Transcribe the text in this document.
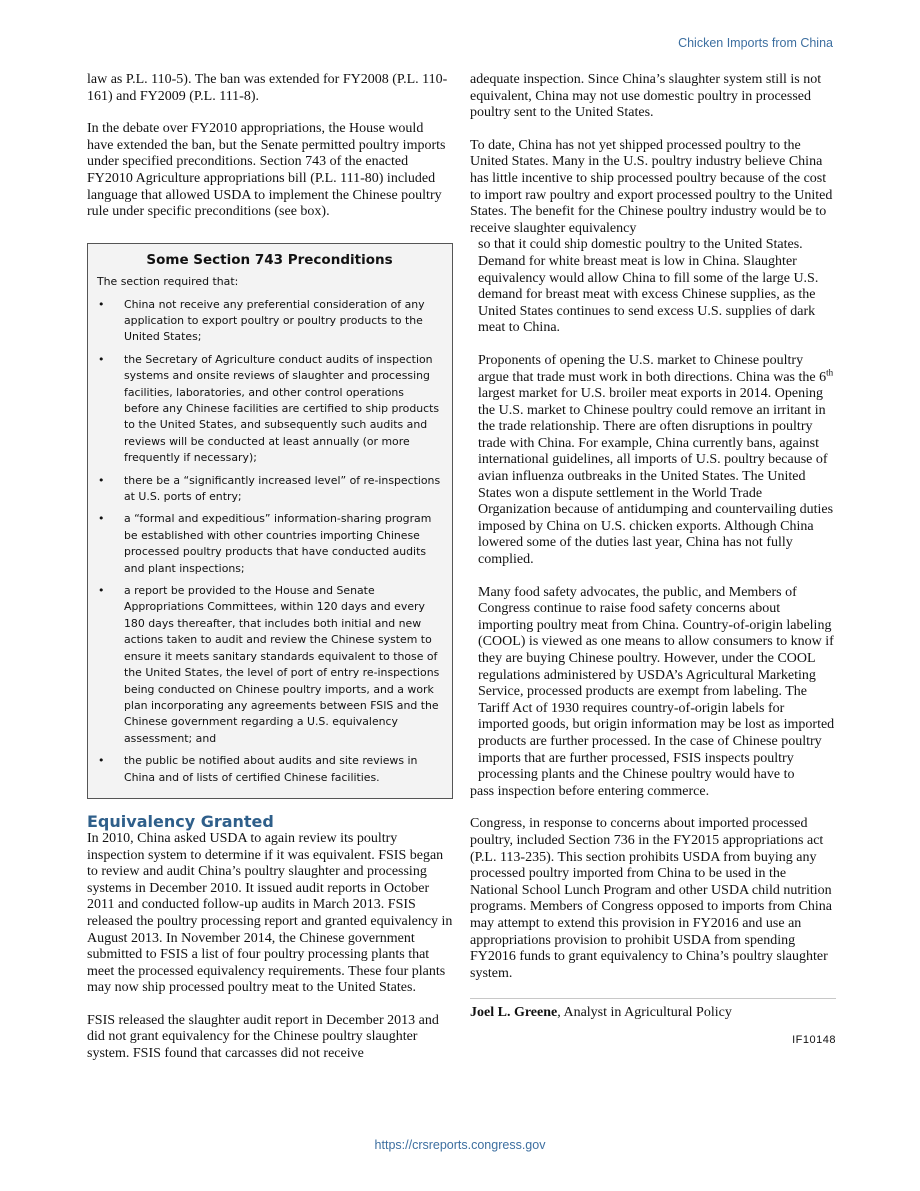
Chicken Imports from China

law as P.L. 110-5). The ban was extended for FY2008 (P.L. 110-161) and FY2009 (P.L. 111-8).

In the debate over FY2010 appropriations, the House would have extended the ban, but the Senate permitted poultry imports under specified preconditions. Section 743 of the enacted FY2010 Agriculture appropriations bill (P.L. 111-80) included language that allowed USDA to implement the Chinese poultry rule under specific preconditions (see box).

Some Section 743 Preconditions
The section required that:
• China not receive any preferential consideration of any application to export poultry or poultry products to the United States;
• the Secretary of Agriculture conduct audits of inspection systems and onsite reviews of slaughter and processing facilities, laboratories, and other control operations before any Chinese facilities are certified to ship products to the United States, and subsequently such audits and reviews will be conducted at least annually (or more frequently if necessary);
• there be a “significantly increased level” of re-inspections at U.S. ports of entry;
• a “formal and expeditious” information-sharing program be established with other countries importing Chinese processed poultry products that have conducted audits and plant inspections;
• a report be provided to the House and Senate Appropriations Committees, within 120 days and every 180 days thereafter, that includes both initial and new actions taken to audit and review the Chinese system to ensure it meets sanitary standards equivalent to those of the United States, the level of port of entry re-inspections being conducted on Chinese poultry imports, and a work plan incorporating any agreements between FSIS and the Chinese government regarding a U.S. equivalency assessment; and
• the public be notified about audits and site reviews in China and of lists of certified Chinese facilities.
Equivalency Granted

In 2010, China asked USDA to again review its poultry inspection system to determine if it was equivalent. FSIS began to review and audit China’s poultry slaughter and processing systems in December 2010. It issued audit reports in October 2011 and conducted follow-up audits in March 2013. FSIS released the poultry processing report and granted equivalency in August 2013. In November 2014, the Chinese government submitted to FSIS a list of four poultry processing plants that meet the processed equivalency requirements. These four plants may now ship processed poultry meat to the United States.

FSIS released the slaughter audit report in December 2013 and did not grant equivalency for the Chinese poultry slaughter system. FSIS found that carcasses did not receive

adequate inspection. Since China’s slaughter system still is not equivalent, China may not use domestic poultry in processed poultry sent to the United States.

To date, China has not yet shipped processed poultry to the United States. Many in the U.S. poultry industry believe China has little incentive to ship processed poultry because of the cost to import raw poultry and export processed poultry to the United States. The benefit for the Chinese poultry industry would be to receive slaughter equivalency
so that it could ship domestic poultry to the United States. Demand for white breast meat is low in China. Slaughter equivalency would allow China to fill some of the large U.S. demand for breast meat with excess Chinese supplies, as the United States continues to send excess U.S. supplies of dark meat to China.

Proponents of opening the U.S. market to Chinese poultry argue that trade must work in both directions. China was the 6th largest market for U.S. broiler meat exports in 2014. Opening the U.S. market to Chinese poultry could remove an irritant in the trade relationship. There are often disruptions in poultry trade with China. For example, China currently bans, against international guidelines, all imports of U.S. poultry because of avian influenza outbreaks in the United States. The United States won a dispute settlement in the World Trade Organization because of antidumping and countervailing duties imposed by China on U.S. chicken exports. Although China lowered some of the duties last year, China has not fully complied.

Many food safety advocates, the public, and Members of Congress continue to raise food safety concerns about importing poultry meat from China. Country-of-origin labeling (COOL) is viewed as one means to allow consumers to know if they are buying Chinese poultry. However, under the COOL regulations administered by USDA’s Agricultural Marketing Service, processed products are exempt from labeling. The Tariff Act of 1930 requires country-of-origin labels for imported goods, but origin information may be lost as imported products are further processed. In the case of Chinese poultry imports that are further processed, FSIS inspects poultry processing plants and the Chinese poultry would have to
pass inspection before entering commerce.

Congress, in response to concerns about imported processed poultry, included Section 736 in the FY2015 appropriations act (P.L. 113-235). This section prohibits USDA from buying any processed poultry imported from China to be used in the National School Lunch Program and other USDA child nutrition programs. Members of Congress opposed to imports from China may attempt to extend this provision in FY2016 and use an appropriations provision to prohibit USDA from spending FY2016 funds to grant equivalency to China’s poultry slaughter system.

Joel L. Greene, Analyst in Agricultural Policy
IF10148
https://crsreports.congress.gov
